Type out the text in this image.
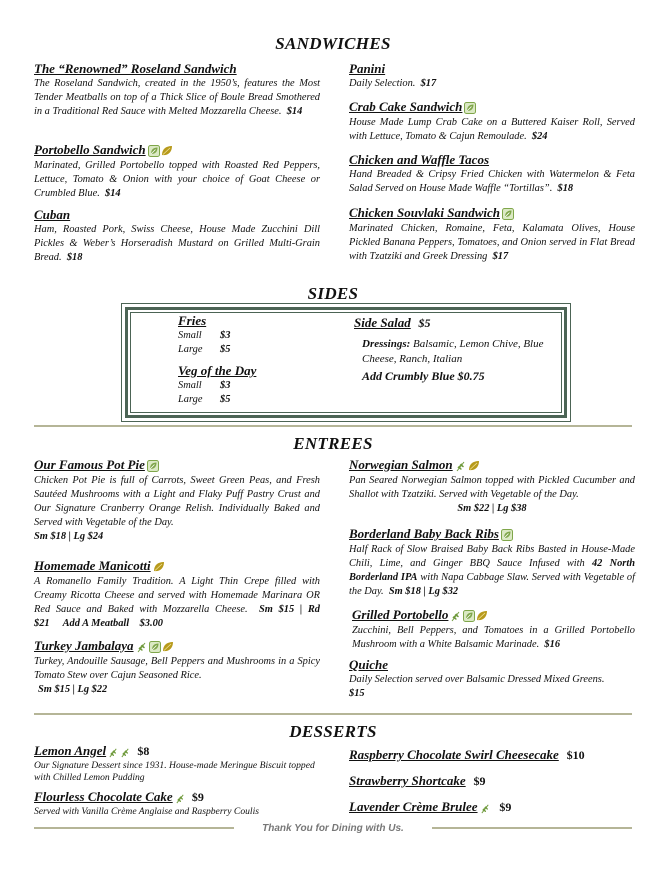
SANDWICHES
The “Renowned” Roseland Sandwich
The Roseland Sandwich, created in the 1950’s, features the Most Tender Meatballs on top of a Thick Slice of Boule Bread Smothered in a Traditional Red Sauce with Melted Mozzarella Cheese. $14
Portobello Sandwich
Marinated, Grilled Portobello topped with Roasted Red Peppers, Lettuce, Tomato & Onion with your choice of Goat Cheese or Crumbled Blue. $14
Cuban
Ham, Roasted Pork, Swiss Cheese, House Made Zucchini Dill Pickles & Weber’s Horseradish Mustard on Grilled Multi-Grain Bread. $18
Panini
Daily Selection. $17
Crab Cake Sandwich
House Made Lump Crab Cake on a Buttered Kaiser Roll, Served with Lettuce, Tomato & Cajun Remoulade. $24
Chicken and Waffle Tacos
Hand Breaded & Cripsy Fried Chicken with Watermelon & Feta Salad Served on House Made Waffle “Tortillas”. $18
Chicken Souvlaki Sandwich
Marinated Chicken, Romaine, Feta, Kalamata Olives, House Pickled Banana Peppers, Tomatoes, and Onion served in Flat Bread with Tzatziki and Greek Dressing $17
SIDES
Fries
Small $3
Large $5
Veg of the Day
Small $3
Large $5
Side Salad $5
Dressings: Balsamic, Lemon Chive, Blue Cheese, Ranch, Italian
Add Crumbly Blue $0.75
ENTREES
Our Famous Pot Pie
Chicken Pot Pie is full of Carrots, Sweet Green Peas, and Fresh Sautéed Mushrooms with a Light and Flaky Puff Pastry Crust and Our Signature Cranberry Orange Relish. Individually Baked and Served with Vegetable of the Day.
Sm $18 | Lg $24
Homemade Manicotti
A Romanello Family Tradition. A Light Thin Crepe filled with Creamy Ricotta Cheese and served with Homemade Marinara OR Red Sauce and Baked with Mozzarella Cheese. Sm $15 | Rd $21 Add A Meatball $3.00
Turkey Jambalaya
Turkey, Andouille Sausage, Bell Peppers and Mushrooms in a Spicy Tomato Stew over Cajun Seasoned Rice.
Sm $15 | Lg $22
Norwegian Salmon
Pan Seared Norwegian Salmon topped with Pickled Cucumber and Shallot with Tzatziki. Served with Vegetable of the Day.
Sm $22 | Lg $38
Borderland Baby Back Ribs
Half Rack of Slow Braised Baby Back Ribs Basted in House-Made Chili, Lime, and Ginger BBQ Sauce Infused with 42 North Borderland IPA with Napa Cabbage Slaw. Served with Vegetable of the Day. Sm $18 | Lg $32
Grilled Portobello
Zucchini, Bell Peppers, and Tomatoes in a Grilled Portobello Mushroom with a White Balsamic Marinade. $16
Quiche
Daily Selection served over Balsamic Dressed Mixed Greens.
$15
DESSERTS
Lemon Angel	$8
Our Signature Dessert since 1931. House-made Meringue Biscuit topped with Chilled Lemon Pudding
Flourless Chocolate Cake $9
Served with Vanilla Crème Anglaise and Raspberry Coulis
Raspberry Chocolate Swirl Cheesecake $10
Strawberry Shortcake $9
Lavender Crème Brulee $9
Thank You for Dining with Us.
